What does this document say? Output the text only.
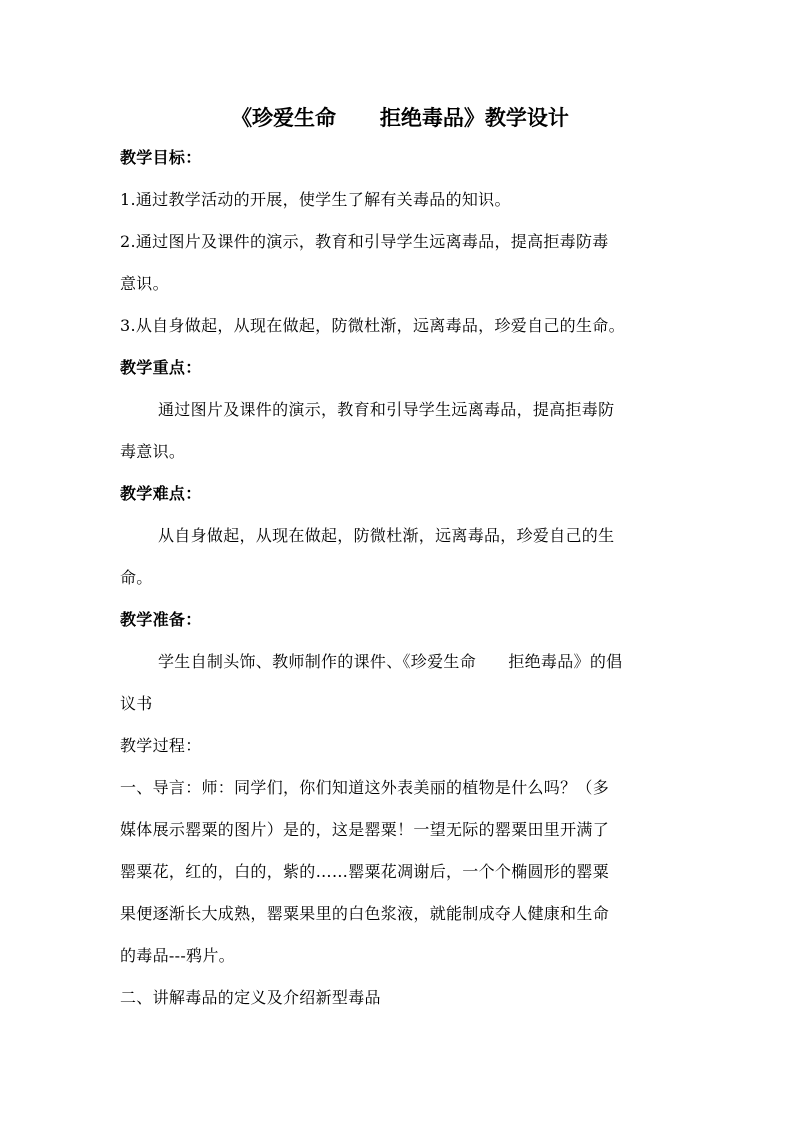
《珍爱生命      拒绝毒品》教学设计
教学目标：
1.通过教学活动的开展，使学生了解有关毒品的知识。
2.通过图片及课件的演示，教育和引导学生远离毒品，提高拒毒防毒
意识。
3.从自身做起，从现在做起，防微杜渐，远离毒品，珍爱自己的生命。
教学重点：
通过图片及课件的演示，教育和引导学生远离毒品，提高拒毒防
毒意识。
教学难点：
从自身做起，从现在做起，防微杜渐，远离毒品，珍爱自己的生
命。
教学准备：
学生自制头饰、教师制作的课件、《珍爱生命      拒绝毒品》的倡
议书
教学过程：
一、导言：师：同学们，你们知道这外表美丽的植物是什么吗？（多
媒体展示罂粟的图片）是的，这是罂粟！一望无际的罂粟田里开满了
罂粟花，红的，白的，紫的……罂粟花凋谢后，一个个椭圆形的罂粟
果便逐渐长大成熟，罂粟果里的白色浆液，就能制成夺人健康和生命
的毒品---鸦片。
二、讲解毒品的定义及介绍新型毒品
